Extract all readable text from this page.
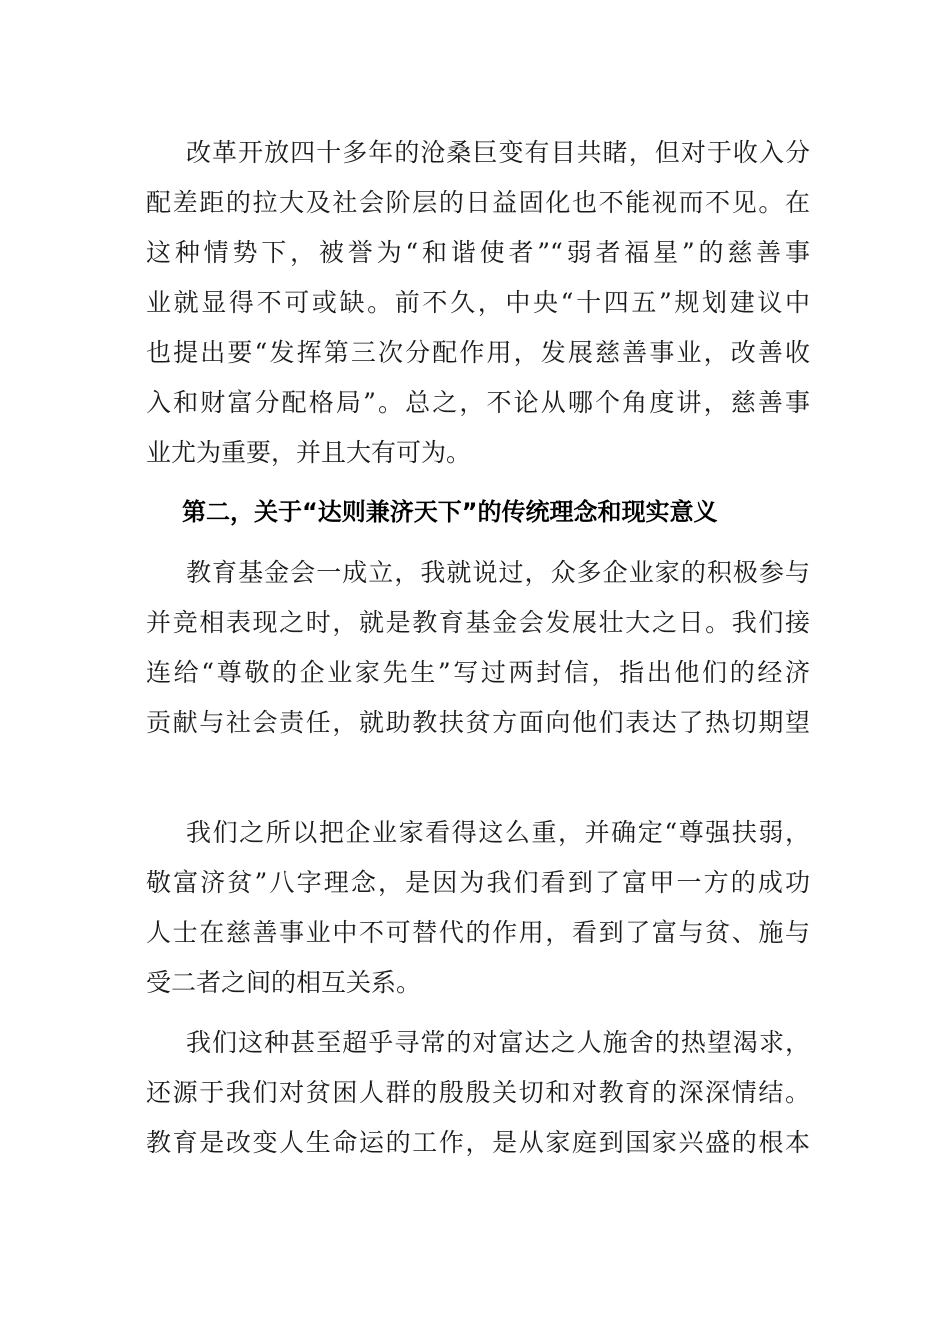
改革开放四十多年的沧桑巨变有目共睹，但对于收入分
配差距的拉大及社会阶层的日益固化也不能视而不见。在
这种情势下，被誉为“和谐使者”“弱者福星”的慈善事
业就显得不可或缺。前不久，中央“十四五”规划建议中
也提出要“发挥第三次分配作用，发展慈善事业，改善收
入和财富分配格局”。总之，不论从哪个角度讲，慈善事
业尤为重要，并且大有可为。
第二，关于“达则兼济天下”的传统理念和现实意义
教育基金会一成立，我就说过，众多企业家的积极参与
并竞相表现之时，就是教育基金会发展壮大之日。我们接
连给“尊敬的企业家先生”写过两封信，指出他们的经济
贡献与社会责任，就助教扶贫方面向他们表达了热切期望
我们之所以把企业家看得这么重，并确定“尊强扶弱，
敬富济贫”八字理念，是因为我们看到了富甲一方的成功
人士在慈善事业中不可替代的作用，看到了富与贫、施与
受二者之间的相互关系。
我们这种甚至超乎寻常的对富达之人施舍的热望渴求，
还源于我们对贫困人群的殷殷关切和对教育的深深情结。
教育是改变人生命运的工作，是从家庭到国家兴盛的根本
